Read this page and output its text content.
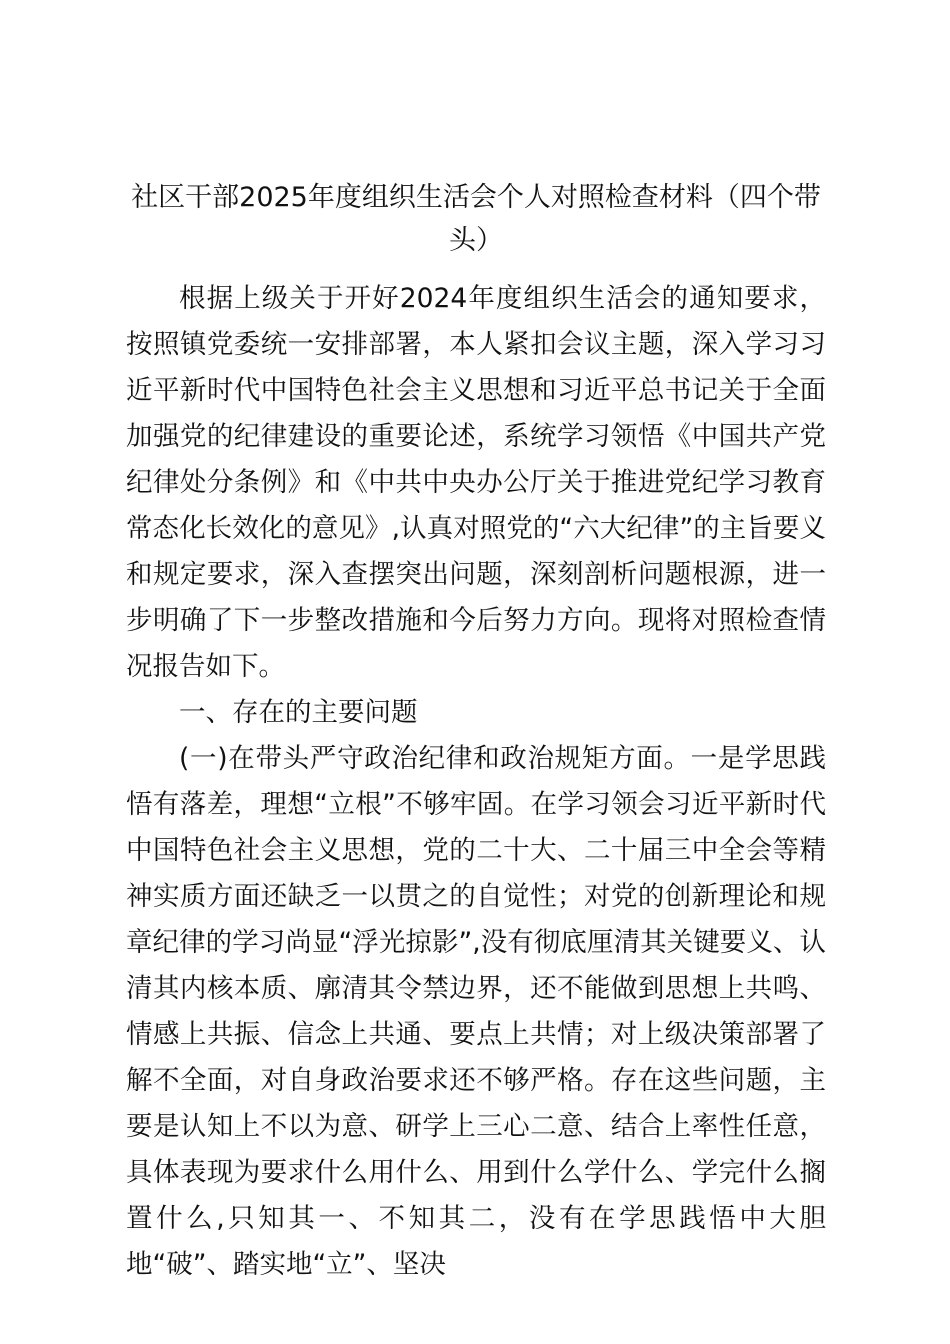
社区干部2025年度组织生活会个人对照检查材料（四个带头）

根据上级关于开好2024年度组织生活会的通知要求，按照镇党委统一安排部署，本人紧扣会议主题，深入学习习近平新时代中国特色社会主义思想和习近平总书记关于全面加强党的纪律建设的重要论述，系统学习领悟《中国共产党纪律处分条例》和《中共中央办公厅关于推进党纪学习教育常态化长效化的意见》,认真对照党的“六大纪律”的主旨要义和规定要求，深入查摆突出问题，深刻剖析问题根源，进一步明确了下一步整改措施和今后努力方向。现将对照检查情况报告如下。

一、存在的主要问题

(一)在带头严守政治纪律和政治规矩方面。一是学思践悟有落差，理想“立根”不够牢固。在学习领会习近平新时代中国特色社会主义思想，党的二十大、二十届三中全会等精神实质方面还缺乏一以贯之的自觉性；对党的创新理论和规章纪律的学习尚显“浮光掠影”,没有彻底厘清其关键要义、认清其内核本质、廓清其令禁边界，还不能做到思想上共鸣、情感上共振、信念上共通、要点上共情；对上级决策部署了解不全面，对自身政治要求还不够严格。存在这些问题，主要是认知上不以为意、研学上三心二意、结合上率性任意，具体表现为要求什么用什么、用到什么学什么、学完什么搁置什么,只知其一、不知其二，没有在学思践悟中大胆地“破”、踏实地“立”、坚决
